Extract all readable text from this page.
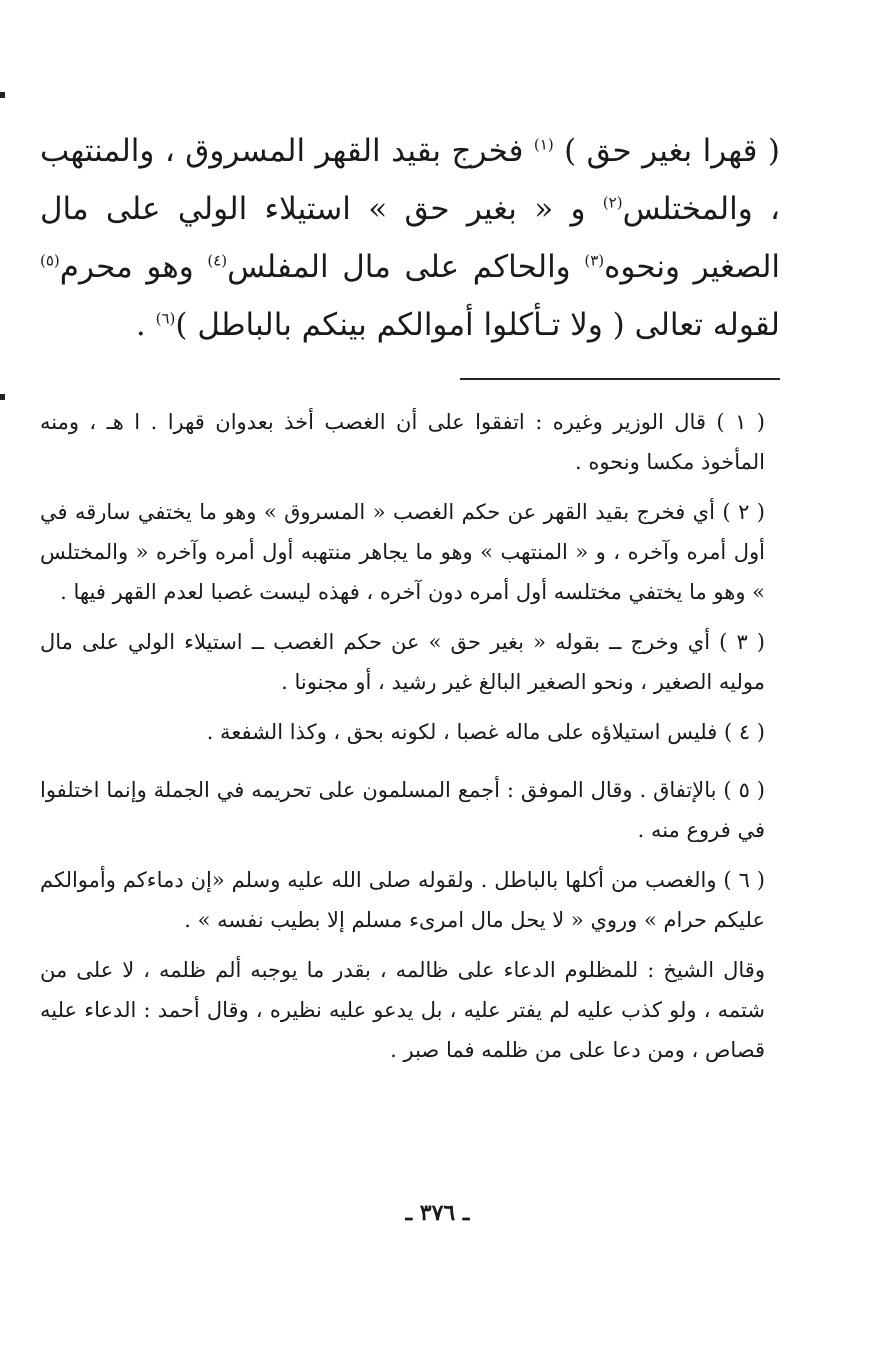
( قهرا بغير حق ) $^{(١)}$ فخرج بقيد القهر المسروق ، والمنتهب ، والمختلس$^{(٢)}$ و « بغير حق » استيلاء الولي على مال الصغير ونحوه$^{(٣)}$ والحاكم على مال المفلس$^{(٤)}$ وهو محرم$^{(٥)}$ لقوله تعالى ( ولا تـأكلوا أموالكم بينكم بالباطل )$^{(٦)}$ .

( ١ ) قال الوزير وغيره : اتفقوا على أن الغصب أخذ بعدوان قهرا . ا هـ ، ومنه المأخوذ مكسا ونحوه .

( ٢ ) أي فخرج بقيد القهر عن حكم الغصب « المسروق » وهو ما يختفي سارقه في أول أمره وآخره ، و « المنتهب » وهو ما يجاهر منتهبه أول أمره وآخره « والمختلس » وهو ما يختفي مختلسه أول أمره دون آخره ، فهذه ليست غصبا لعدم القهر فيها .

( ٣ ) أي وخرج ــ بقوله « بغير حق » عن حكم الغصب ــ استيلاء الولي على مال موليه الصغير ، ونحو الصغير البالغ غير رشيد ، أو مجنونا .

( ٤ ) فليس استيلاؤه على ماله غصبا ، لكونه بحق ، وكذا الشفعة .

( ٥ ) بالإتفاق . وقال الموفق : أجمع المسلمون على تحريمه في الجملة وإنما اختلفوا في فروع منه .

( ٦ ) والغصب من أكلها بالباطل . ولقوله صلى الله عليه وسلم «إن دماءكم وأموالكم عليكم حرام » وروي « لا يحل مال امرىء مسلم إلا بطيب نفسه » .

وقال الشيخ : للمظلوم الدعاء على ظالمه ، بقدر ما يوجبه ألم ظلمه ، لا على من شتمه ، ولو كذب عليه لم يفتر عليه ، بل يدعو عليه نظيره ، وقال أحمد : الدعاء عليه قصاص ، ومن دعا على من ظلمه فما صبر .

ـ ٣٧٦ ـ
